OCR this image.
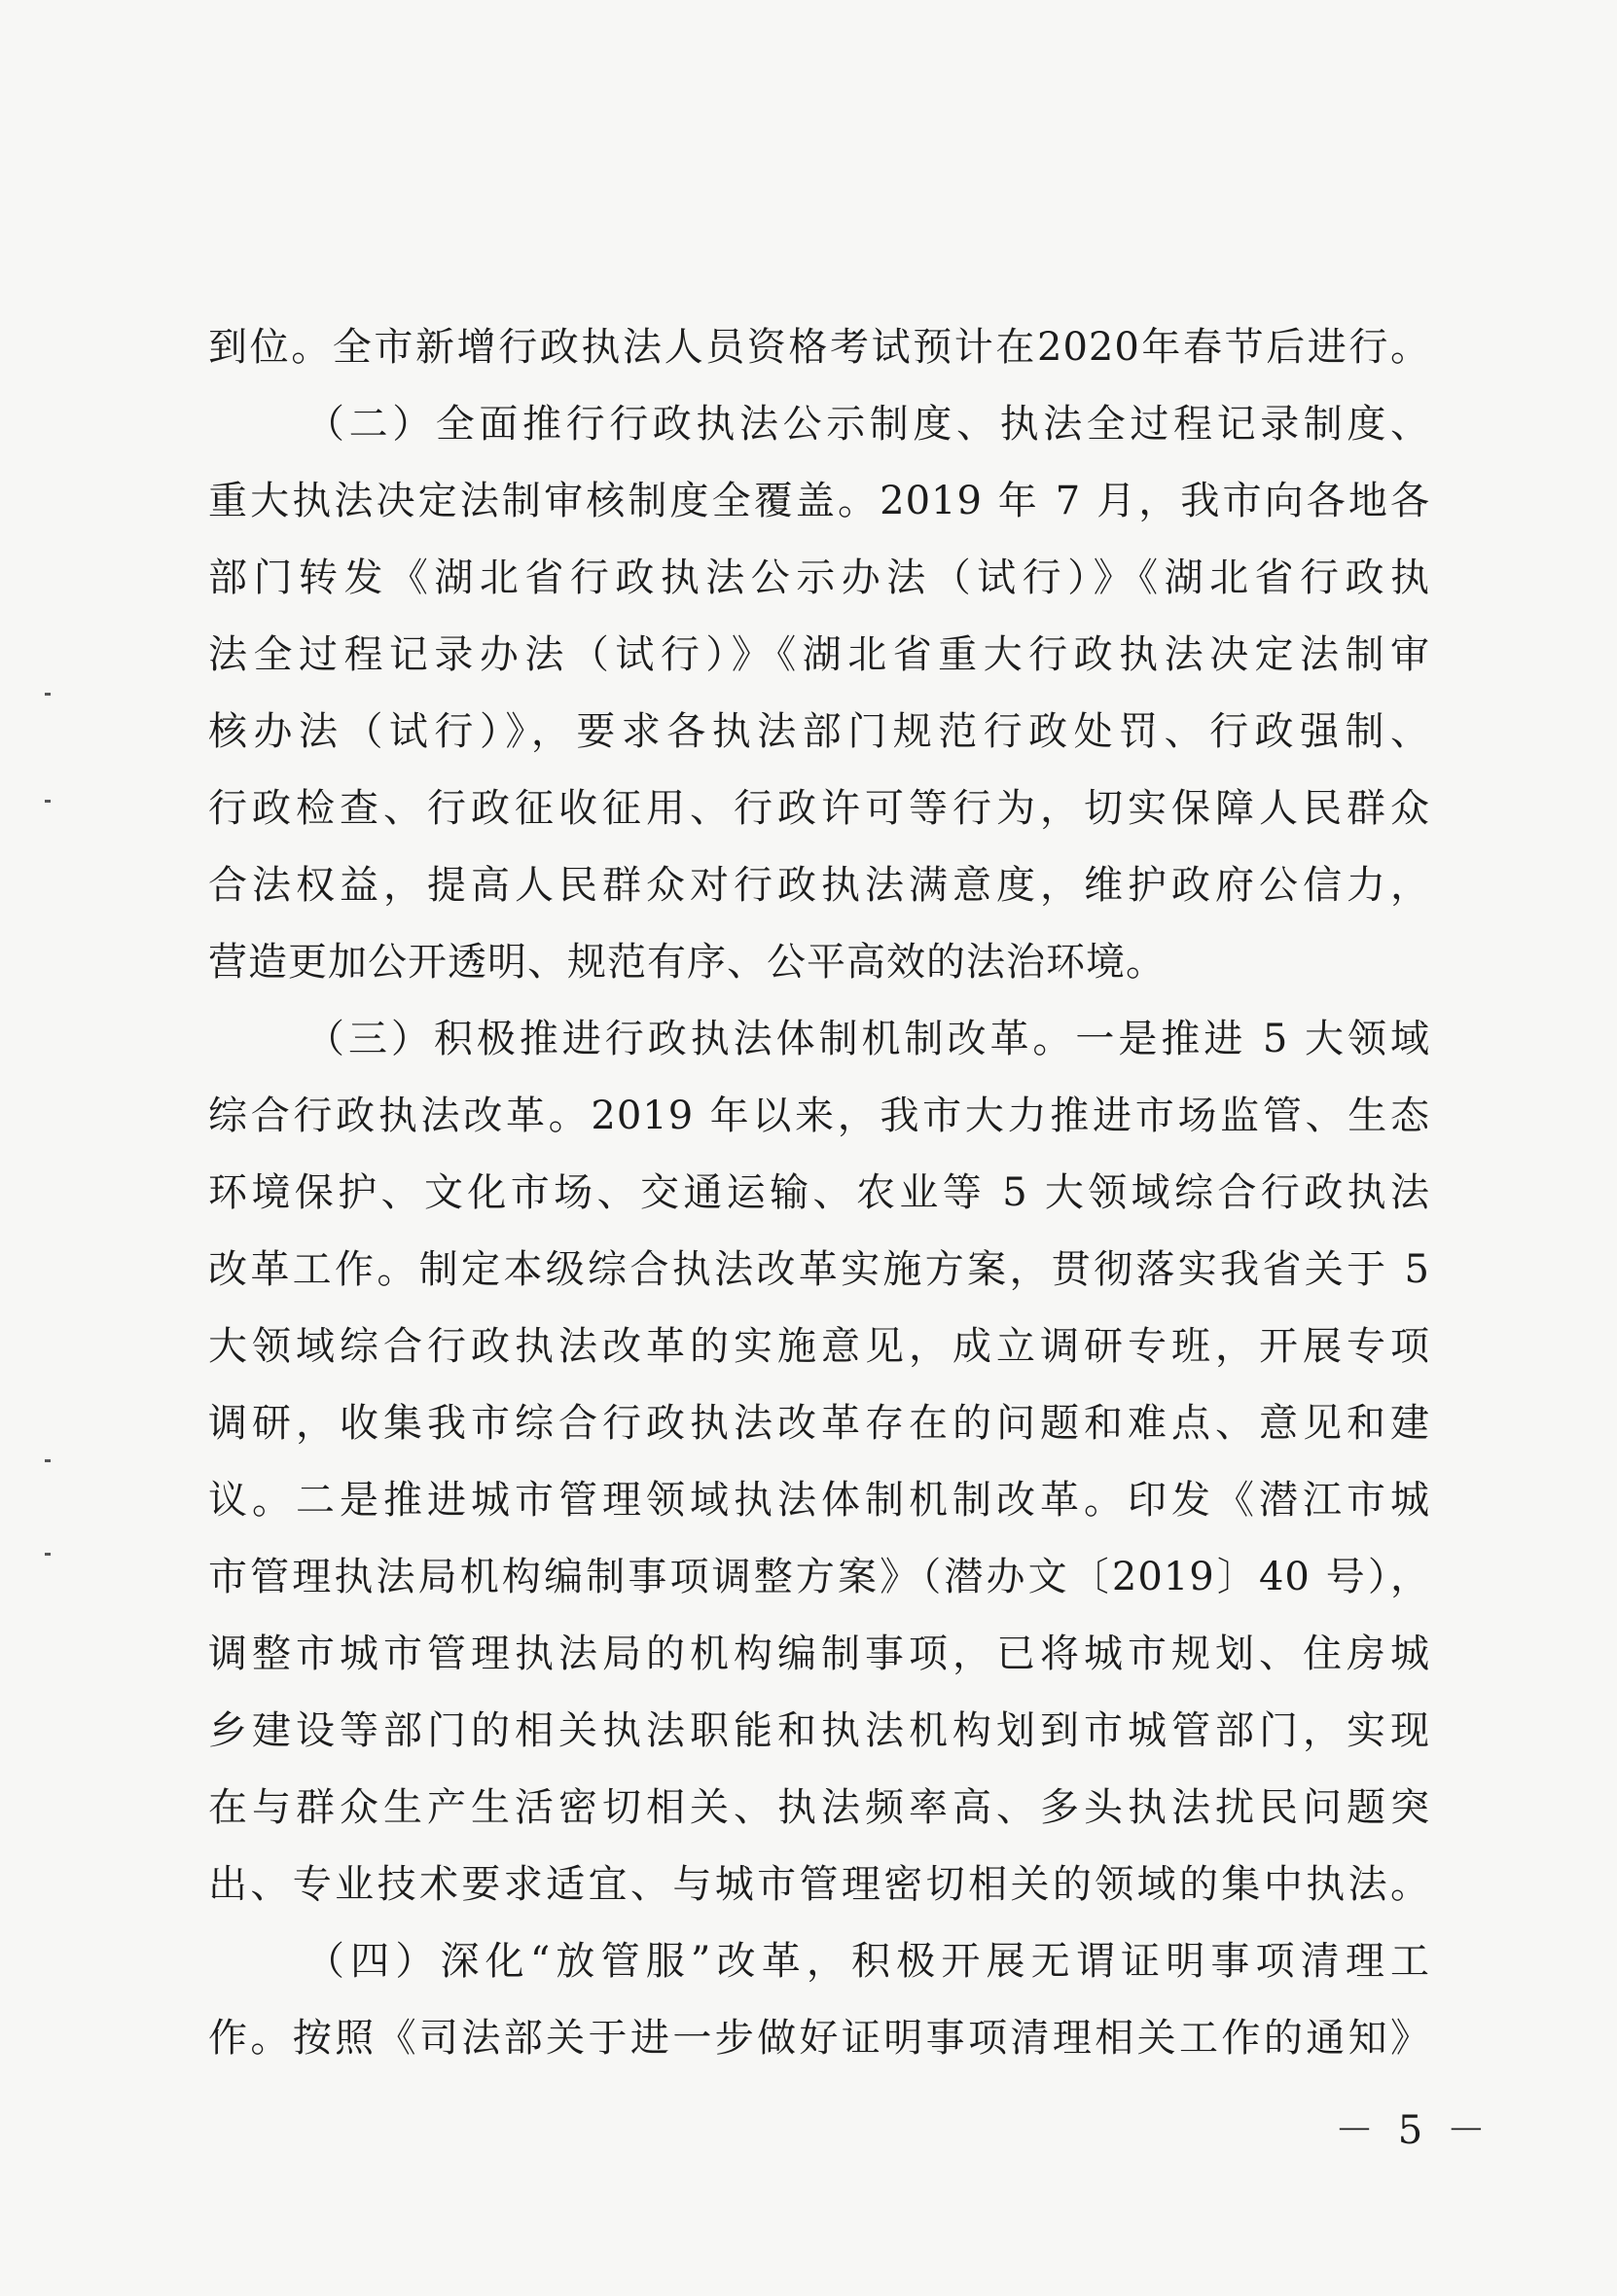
到位。全市新增行政执法人员资格考试预计在2020年春节后进行。
（二）全面推行行政执法公示制度、执法全过程记录制度、
重大执法决定法制审核制度全覆盖。2019 年 7 月，我市向各地各
部门转发《湖北省行政执法公示办法（试行）》《湖北省行政执
法全过程记录办法（试行）》《湖北省重大行政执法决定法制审
核办法（试行）》，要求各执法部门规范行政处罚、行政强制、
行政检查、行政征收征用、行政许可等行为，切实保障人民群众
合法权益，提高人民群众对行政执法满意度，维护政府公信力，
营造更加公开透明、规范有序、公平高效的法治环境。
（三）积极推进行政执法体制机制改革。一是推进 5 大领域
综合行政执法改革。2019 年以来，我市大力推进市场监管、生态
环境保护、文化市场、交通运输、农业等 5 大领域综合行政执法
改革工作。制定本级综合执法改革实施方案，贯彻落实我省关于 5
大领域综合行政执法改革的实施意见，成立调研专班，开展专项
调研，收集我市综合行政执法改革存在的问题和难点、意见和建
议。二是推进城市管理领域执法体制机制改革。印发《潜江市城
市管理执法局机构编制事项调整方案》（潜办文〔2019〕40 号），
调整市城市管理执法局的机构编制事项，已将城市规划、住房城
乡建设等部门的相关执法职能和执法机构划到市城管部门，实现
在与群众生产生活密切相关、执法频率高、多头执法扰民问题突
出、专业技术要求适宜、与城市管理密切相关的领域的集中执法。
（四）深化“放管服”改革，积极开展无谓证明事项清理工
作。按照《司法部关于进一步做好证明事项清理相关工作的通知》
－ 5 －
